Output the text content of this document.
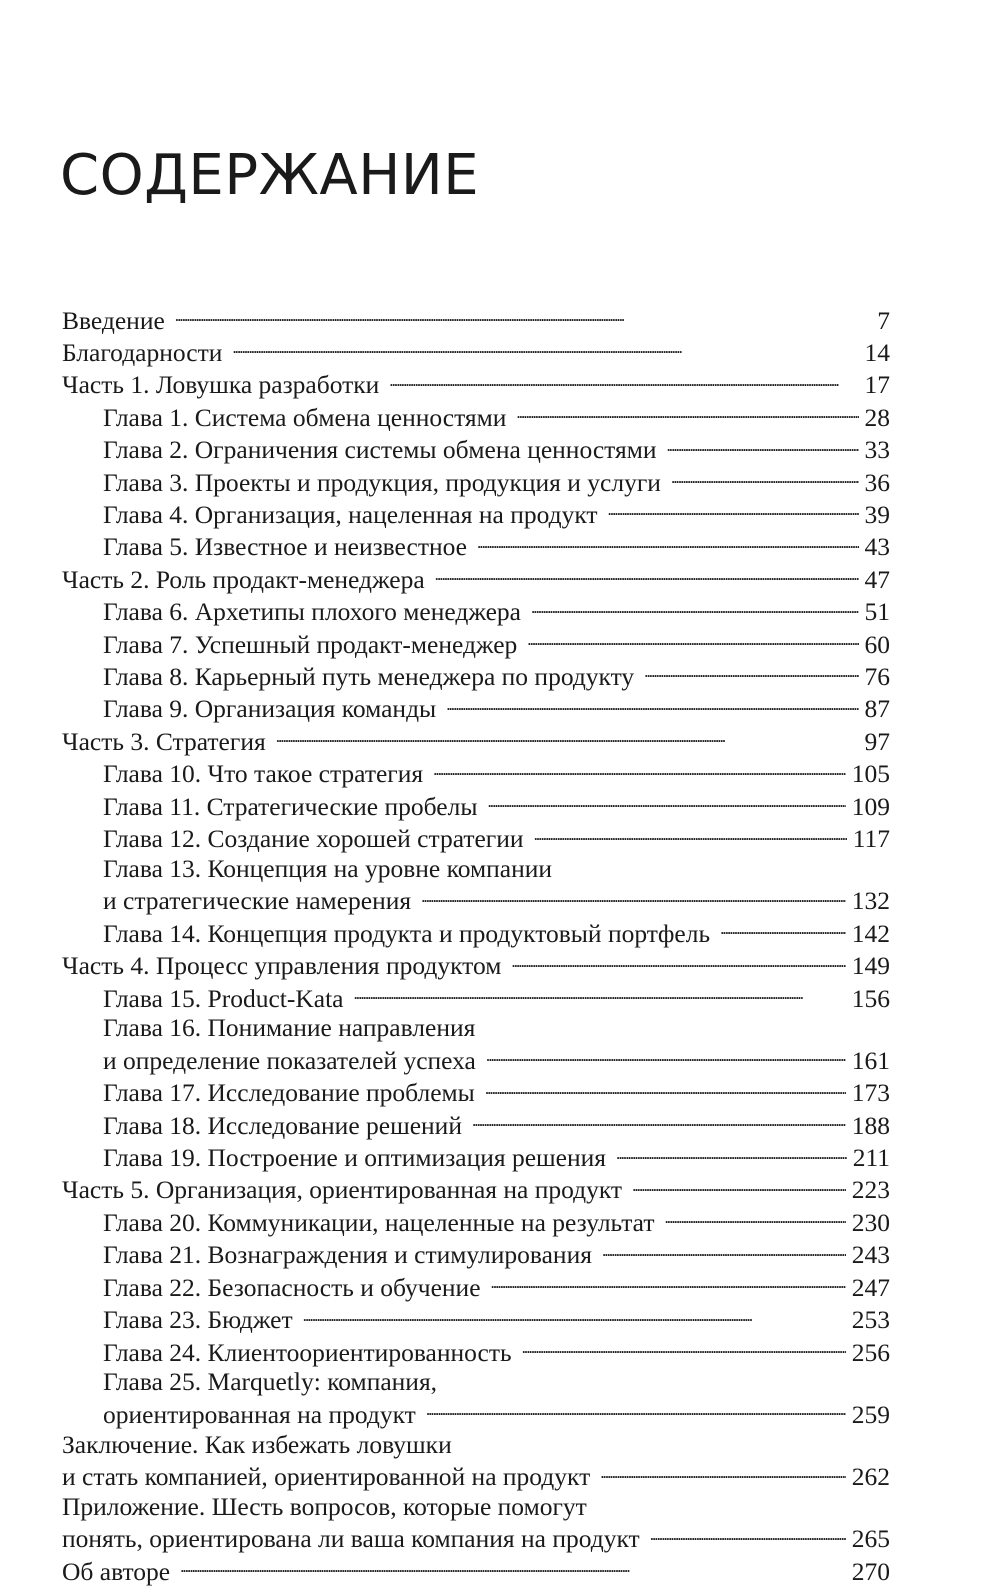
СОДЕРЖАНИЕ
Введение . . .	7
Благодарности . . .	14
Часть 1. Ловушка разработки . . .	17
Глава 1. Система обмена ценностями . . .	28
Глава 2. Ограничения системы обмена ценностями . . .	33
Глава 3. Проекты и продукция, продукция и услуги . . .	36
Глава 4. Организация, нацеленная на продукт . . .	39
Глава 5. Известное и неизвестное . . .	43
Часть 2. Роль продакт-менеджера . . .	47
Глава 6. Архетипы плохого менеджера . . .	51
Глава 7. Успешный продакт-менеджер . . .	60
Глава 8. Карьерный путь менеджера по продукту . . .	76
Глава 9. Организация команды . . .	87
Часть 3. Стратегия . . .	97
Глава 10. Что такое стратегия . . .	105
Глава 11. Стратегические пробелы . . .	109
Глава 12. Создание хорошей стратегии . . .	117
Глава 13. Концепция на уровне компании
и стратегические намерения . . .	132
Глава 14. Концепция продукта и продуктовый портфель . . .	142
Часть 4. Процесс управления продуктом . . .	149
Глава 15. Product-Kata . . .	156
Глава 16. Понимание направления
и определение показателей успеха . . .	161
Глава 17. Исследование проблемы . . .	173
Глава 18. Исследование решений . . .	188
Глава 19. Построение и оптимизация решения . . .	211
Часть 5. Организация, ориентированная на продукт . . .	223
Глава 20. Коммуникации, нацеленные на результат . . .	230
Глава 21. Вознаграждения и стимулирования . . .	243
Глава 22. Безопасность и обучение . . .	247
Глава 23. Бюджет . . .	253
Глава 24. Клиентоориентированность . . .	256
Глава 25. Marquetly: компания,
ориентированная на продукт . . .	259
Заключение. Как избежать ловушки
и стать компанией, ориентированной на продукт . . .	262
Приложение. Шесть вопросов, которые помогут
понять, ориентирована ли ваша компания на продукт . . .	265
Об авторе . . .	270
